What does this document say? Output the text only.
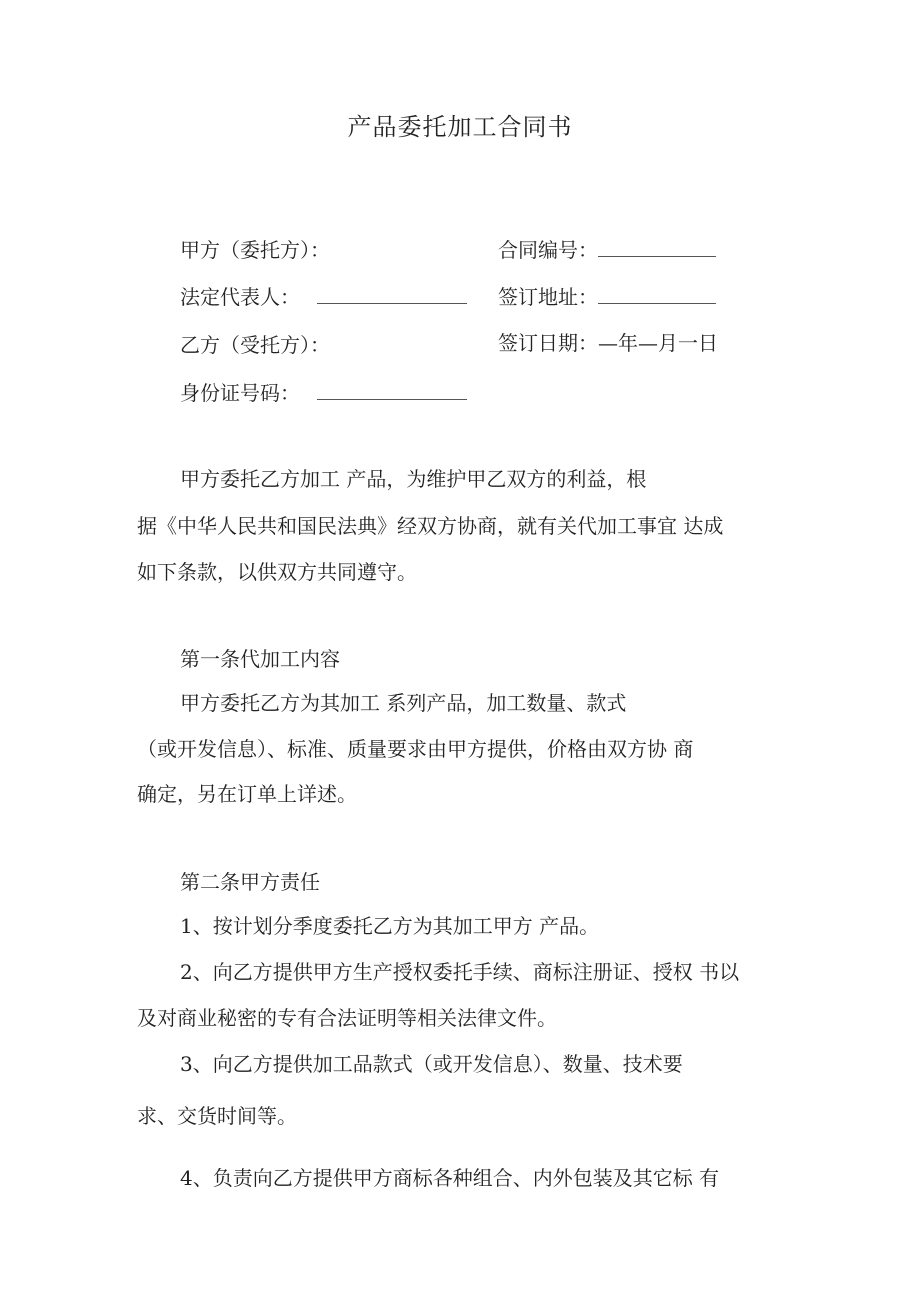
产品委托加工合同书
甲方（委托方）：	合同编号：
法定代表人：	签订地址：
乙方（受托方）：	签订日期：—年—月一日
身份证号码：
甲方委托乙方加工 产品，为维护甲乙双方的利益，根
据《中华人民共和国民法典》经双方协商，就有关代加工事宜 达成
如下条款，以供双方共同遵守。
第一条代加工内容
甲方委托乙方为其加工 系列产品，加工数量、款式
（或开发信息）、标准、质量要求由甲方提供，价格由双方协 商
确定，另在订单上详述。
第二条甲方责任
1、按计划分季度委托乙方为其加工甲方 产品。
2、向乙方提供甲方生产授权委托手续、商标注册证、授权 书以
及对商业秘密的专有合法证明等相关法律文件。
3、向乙方提供加工品款式（或开发信息）、数量、技术要
求、交货时间等。
4、负责向乙方提供甲方商标各种组合、内外包装及其它标 有
